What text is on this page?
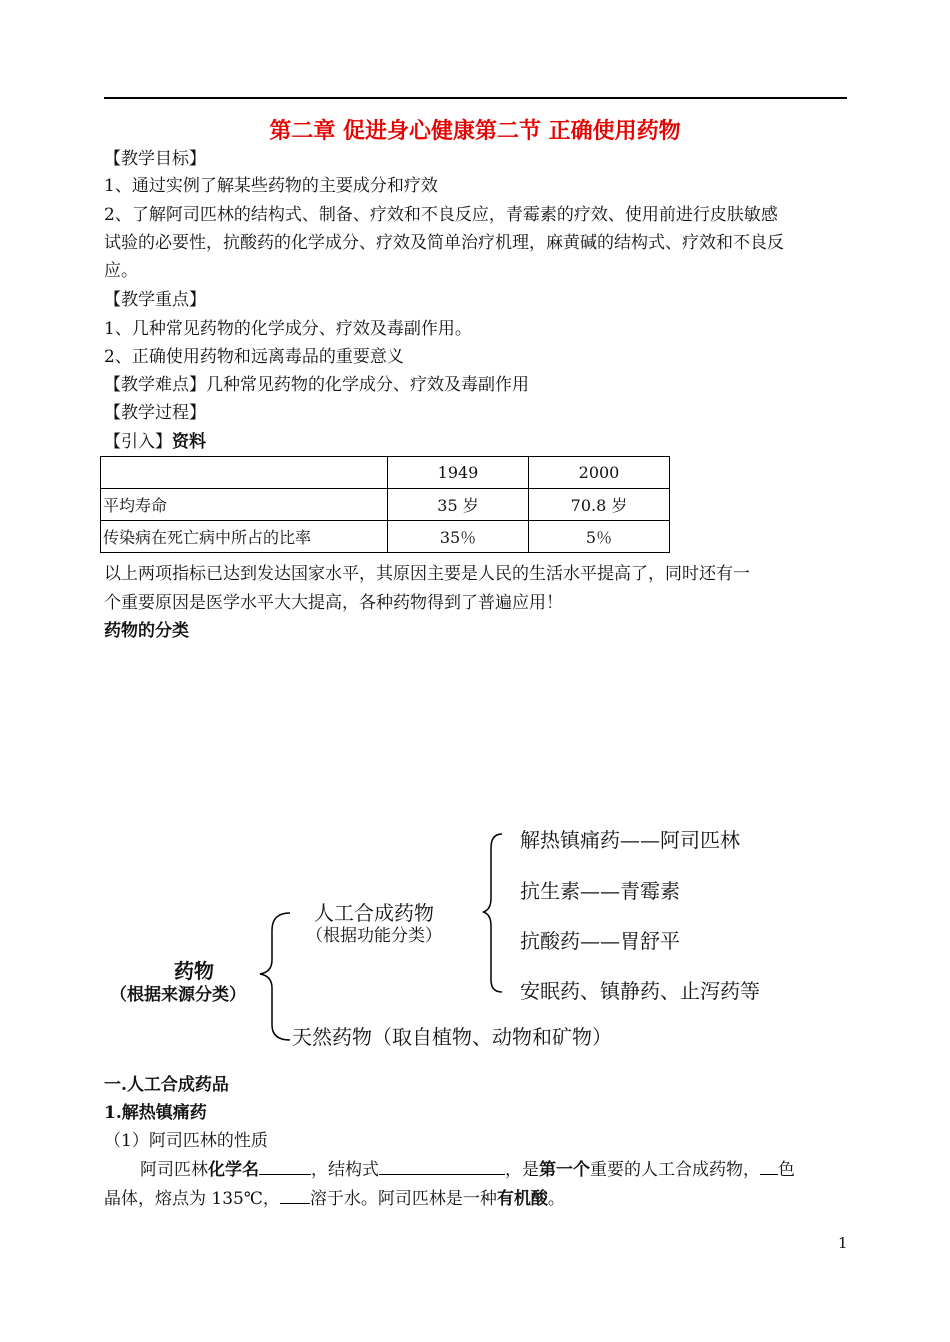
第二章 促进身心健康第二节 正确使用药物
【教学目标】
1、通过实例了解某些药物的主要成分和疗效
2、了解阿司匹林的结构式、制备、疗效和不良反应，青霉素的疗效、使用前进行皮肤敏感
试验的必要性，抗酸药的化学成分、疗效及简单治疗机理，麻黄碱的结构式、疗效和不良反
应。
【教学重点】
1、几种常见药物的化学成分、疗效及毒副作用。
2、正确使用药物和远离毒品的重要意义
【教学难点】几种常见药物的化学成分、疗效及毒副作用
【教学过程】
【引入】资料
	1949	2000
平均寿命	35 岁	70.8 岁
传染病在死亡病中所占的比率	35％	5％
以上两项指标已达到发达国家水平，其原因主要是人民的生活水平提高了，同时还有一
个重要原因是医学水平大大提高，各种药物得到了普遍应用！
药物的分类
药物
（根据来源分类）
人工合成药物
（根据功能分类）
天然药物（取自植物、动物和矿物）
解热镇痛药——阿司匹林
抗生素——青霉素
抗酸药——胃舒平
安眠药、镇静药、止泻药等
一.人工合成药品
1.解热镇痛药
（1）阿司匹林的性质
阿司匹林化学名	，结构式	，是第一个重要的人工合成药物， 色
晶体，熔点为 135℃， 溶于水。阿司匹林是一种有机酸。
1
